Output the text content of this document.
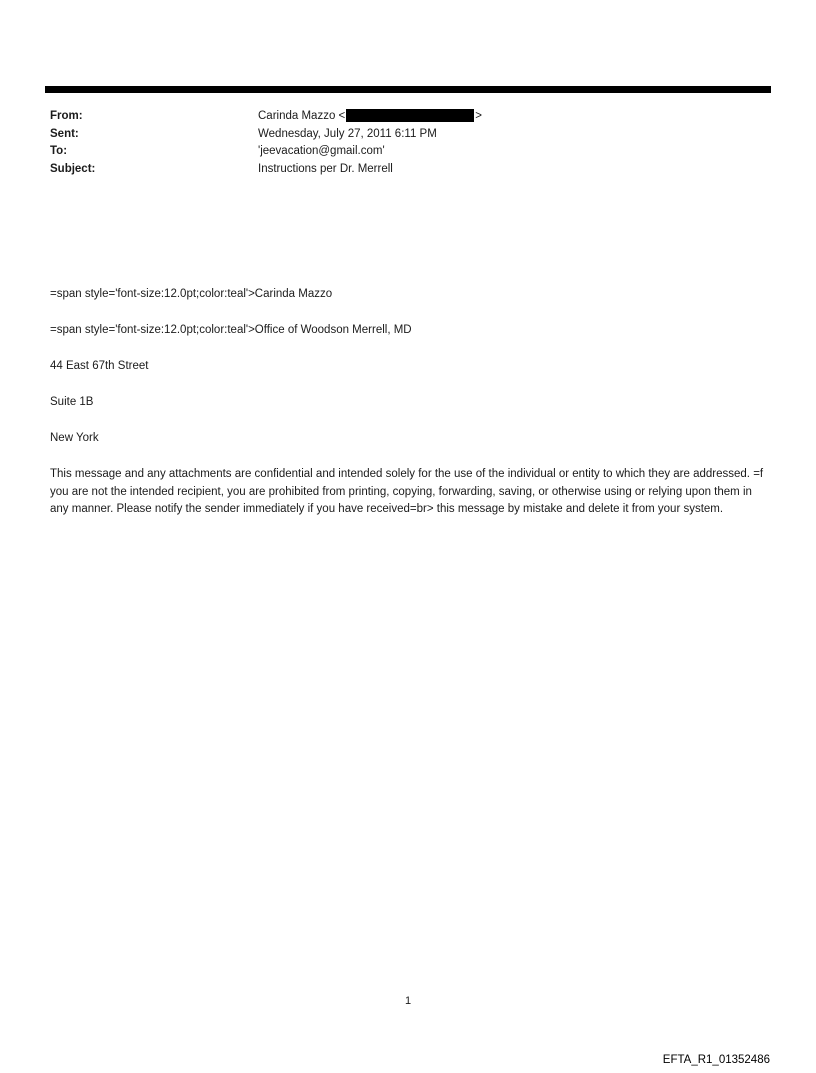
From:	Carinda Mazzo <	>
Sent:	Wednesday, July 27, 2011 6:11 PM
To:	'jeevacation@gmail.com'
Subject:	Instructions per Dr. Merrell

=span style='font-size:12.0pt;color:teal'>Carinda Mazzo

=span style='font-size:12.0pt;color:teal'>Office of Woodson Merrell, MD

44 East 67th Street

Suite 1B

New York

This message and any attachments are confidential and intended solely for the use of the individual or entity to which they are addressed. =f you are not the intended recipient, you are prohibited from printing, copying, forwarding, saving, or otherwise using or relying upon them in any manner. Please notify the sender immediately if you have received=br> this message by mistake and delete it from your system.

1
EFTA_R1_01352486
